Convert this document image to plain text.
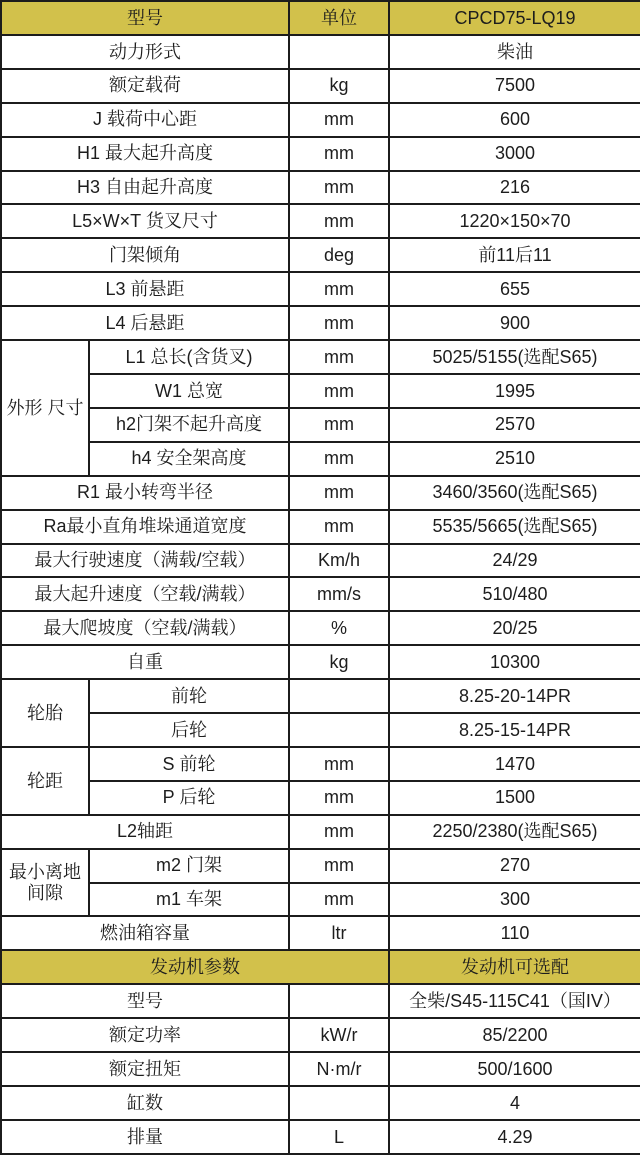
型号		单位	CPCD75-LQ19
动力形式			柴油
额定载荷		kg	7500
J 载荷中心距		mm	600
H1 最大起升高度		mm	3000
H3 自由起升高度		mm	216
L5×W×T 货叉尺寸		mm	1220×150×70
门架倾角		deg	前11后11
L3 前悬距		mm	655
L4 后悬距		mm	900
外形 尺寸	L1 总长(含货叉)	mm	5025/5155(选配S65)
	W1 总宽	mm	1995
	h2门架不起升高度	mm	2570
	h4 安全架高度	mm	2510
R1 最小转弯半径		mm	3460/3560(选配S65)
Ra最小直角堆垛通道宽度		mm	5535/5665(选配S65)
最大行驶速度（满载/空载）		Km/h	24/29
最大起升速度（空载/满载）		mm/s	510/480
最大爬坡度（空载/满载）		%	20/25
自重		kg	10300
轮胎	前轮		8.25-20-14PR
	后轮		8.25-15-14PR
轮距	S 前轮	mm	1470
	P 后轮	mm	1500
L2轴距		mm	2250/2380(选配S65)
最小离地间隙	m2 门架	mm	270
	m1 车架	mm	300
燃油箱容量		ltr	110
发动机参数			发动机可选配
型号			全柴/S45-115C41（国IV）
额定功率		kW/r	85/2200
额定扭矩		N·m/r	500/1600
缸数			4
排量		L	4.29
